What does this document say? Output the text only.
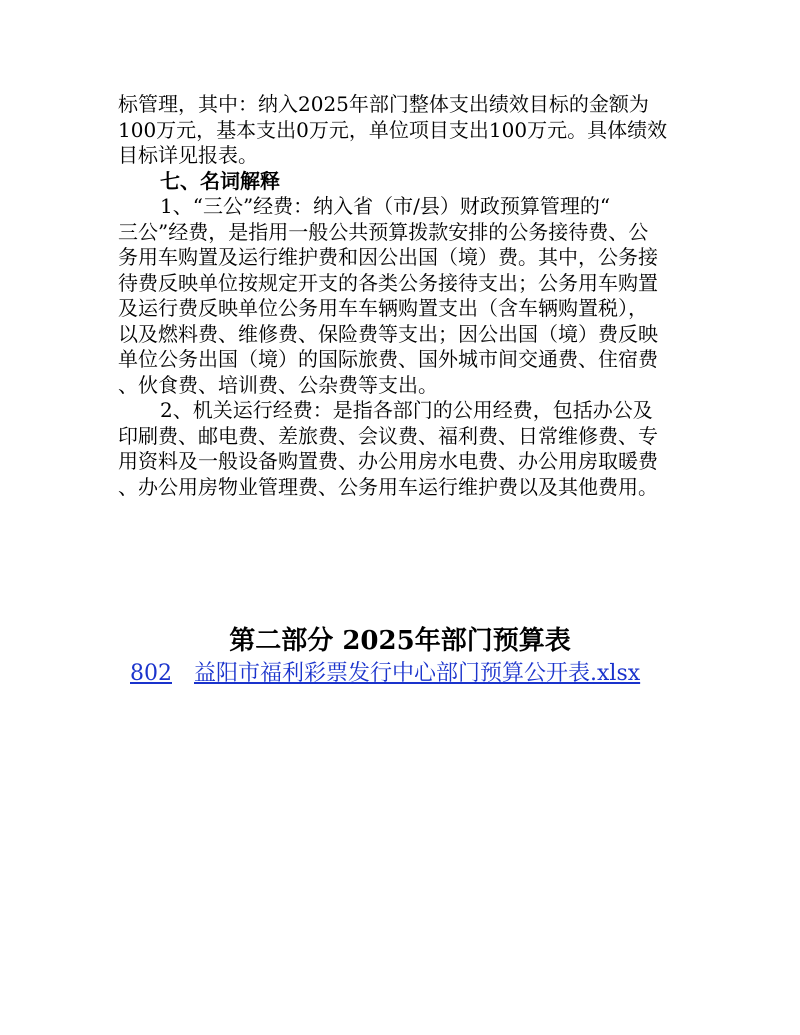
标管理，其中：纳入2025年部门整体支出绩效目标的金额为
100万元，基本支出0万元，单位项目支出100万元。具体绩效
目标详见报表。
七、名词解释
1、“三公”经费：纳入省（市/县）财政预算管理的“
三公”经费，是指用一般公共预算拨款安排的公务接待费、公
务用车购置及运行维护费和因公出国（境）费。其中，公务接
待费反映单位按规定开支的各类公务接待支出；公务用车购置
及运行费反映单位公务用车车辆购置支出（含车辆购置税），
以及燃料费、维修费、保险费等支出；因公出国（境）费反映
单位公务出国（境）的国际旅费、国外城市间交通费、住宿费
、伙食费、培训费、公杂费等支出。
2、机关运行经费：是指各部门的公用经费，包括办公及
印刷费、邮电费、差旅费、会议费、福利费、日常维修费、专
用资料及一般设备购置费、办公用房水电费、办公用房取暖费
、办公用房物业管理费、公务用车运行维护费以及其他费用。
第二部分 2025年部门预算表
802 益阳市福利彩票发行中心部门预算公开表.xlsx
